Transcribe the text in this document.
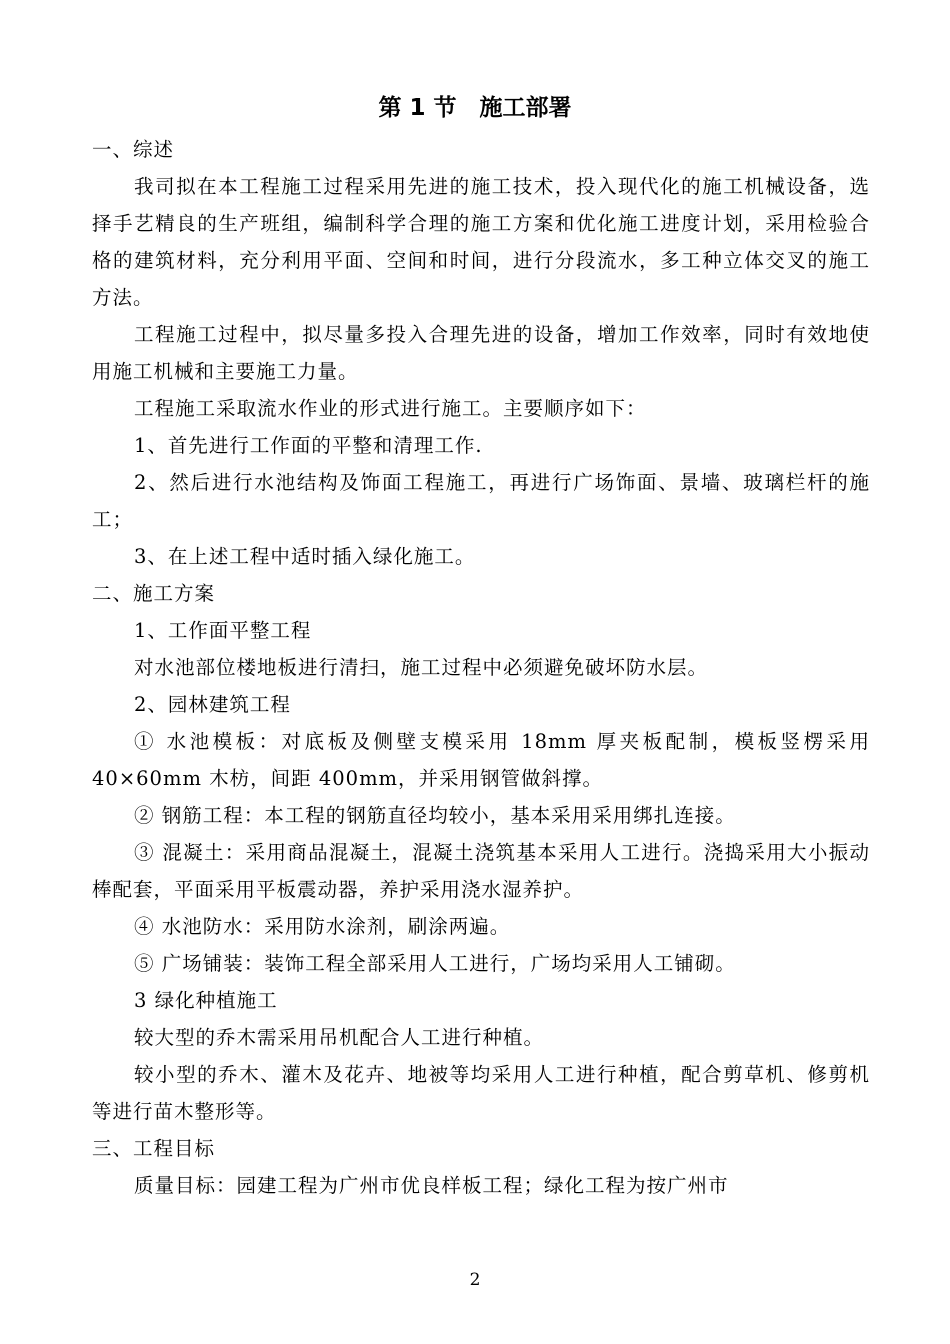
第 1 节　施工部署

一、综述

我司拟在本工程施工过程采用先进的施工技术，投入现代化的施工机械设备，选择手艺精良的生产班组，编制科学合理的施工方案和优化施工进度计划，采用检验合格的建筑材料，充分利用平面、空间和时间，进行分段流水，多工种立体交叉的施工方法。

工程施工过程中，拟尽量多投入合理先进的设备，增加工作效率，同时有效地使用施工机械和主要施工力量。

工程施工采取流水作业的形式进行施工。主要顺序如下：

1、首先进行工作面的平整和清理工作.

2、然后进行水池结构及饰面工程施工，再进行广场饰面、景墙、玻璃栏杆的施工；

3、在上述工程中适时插入绿化施工。

二、施工方案

1、工作面平整工程

对水池部位楼地板进行清扫，施工过程中必须避免破坏防水层。

2、园林建筑工程

① 水池模板：对底板及侧壁支模采用 18mm 厚夹板配制，模板竖楞采用 40×60mm 木枋，间距 400mm，并采用钢管做斜撑。

② 钢筋工程：本工程的钢筋直径均较小，基本采用采用绑扎连接。

③ 混凝土：采用商品混凝土，混凝土浇筑基本采用人工进行。浇捣采用大小振动棒配套，平面采用平板震动器，养护采用浇水湿养护。

④ 水池防水：采用防水涂剂，刷涂两遍。

⑤ 广场铺装：装饰工程全部采用人工进行，广场均采用人工铺砌。

3 绿化种植施工

较大型的乔木需采用吊机配合人工进行种植。

较小型的乔木、灌木及花卉、地被等均采用人工进行种植，配合剪草机、修剪机等进行苗木整形等。

三、工程目标

质量目标：园建工程为广州市优良样板工程；绿化工程为按广州市

2
